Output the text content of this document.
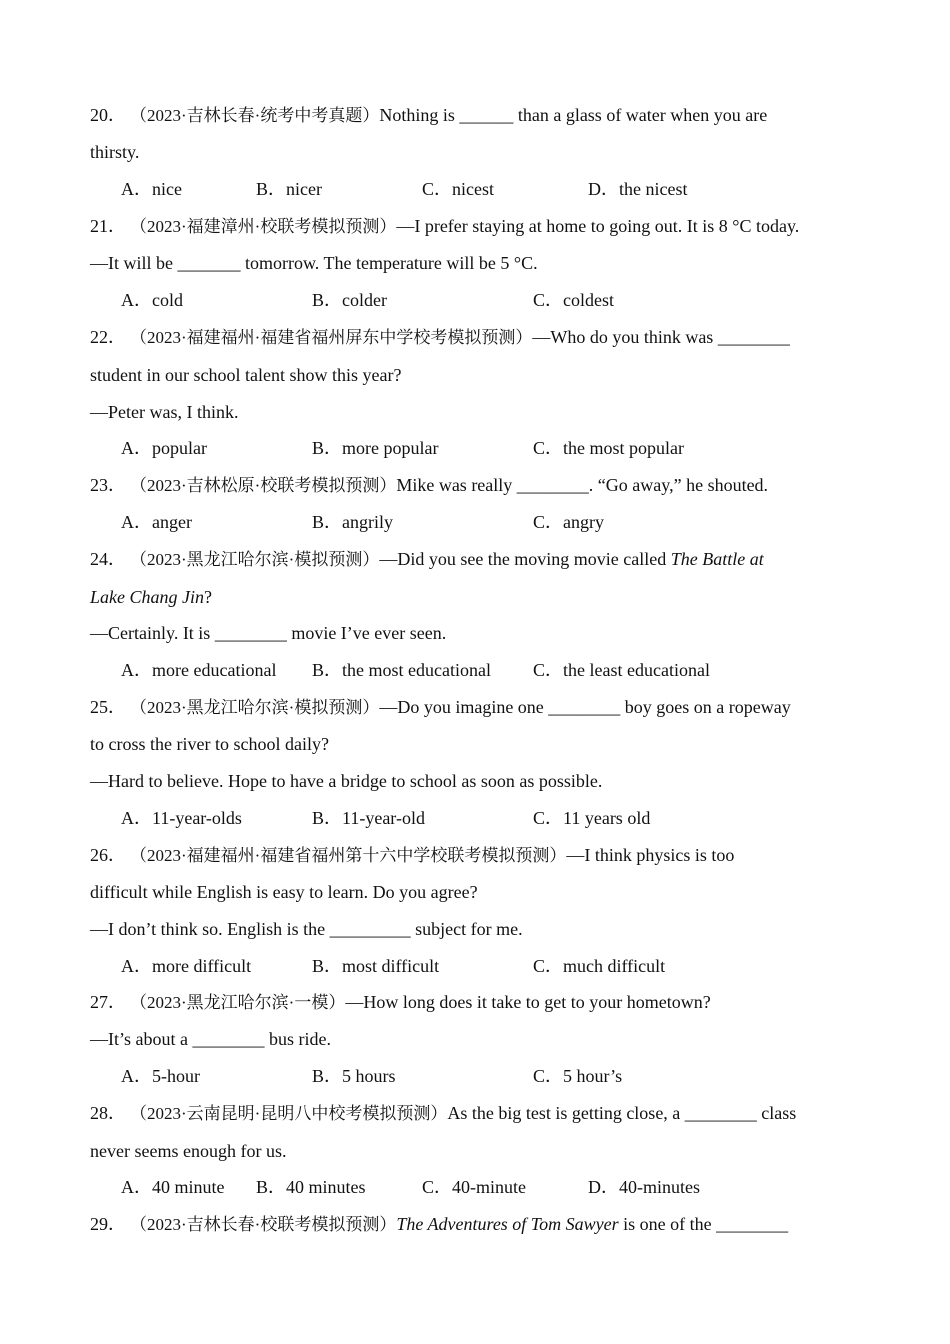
20． （2023·吉林长春·统考中考真题）Nothing is ______ than a glass of water when you are
thirsty.
A．nice	B．nicer	C．nicest	D．the nicest
21． （2023·福建漳州·校联考模拟预测）—I prefer staying at home to going out. It is 8 °C today.
—It will be _______ tomorrow. The temperature will be 5 °C.
A．cold	B．colder	C．coldest
22． （2023·福建福州·福建省福州屏东中学校考模拟预测）—Who do you think was ________
student in our school talent show this year?
—Peter was, I think.
A．popular	B．more popular	C．the most popular
23． （2023·吉林松原·校联考模拟预测）Mike was really ________. “Go away,” he shouted.
A．anger	B．angrily	C．angry
24． （2023·黑龙江哈尔滨·模拟预测）—Did you see the moving movie called The Battle at
Lake Chang Jin?
—Certainly. It is ________ movie I’ve ever seen.
A．more educational B．the most educational C．the least educational
25． （2023·黑龙江哈尔滨·模拟预测）—Do you imagine one ________ boy goes on a ropeway
to cross the river to school daily?
—Hard to believe. Hope to have a bridge to school as soon as possible.
A．11-year-olds	B．11-year-old	C．11 years old
26． （2023·福建福州·福建省福州第十六中学校联考模拟预测）—I think physics is too
difficult while English is easy to learn. Do you agree?
—I don’t think so. English is the _________ subject for me.
A．more difficult	B．most difficult	C．much difficult
27． （2023·黑龙江哈尔滨·一模）—How long does it take to get to your hometown?
—It’s about a ________ bus ride.
A．5-hour	B．5 hours	C．5 hour’s
28． （2023·云南昆明·昆明八中校考模拟预测）As the big test is getting close, a ________ class
never seems enough for us.
A．40 minute B．40 minutes	C．40-minute	D．40-minutes
29． （2023·吉林长春·校联考模拟预测）The Adventures of Tom Sawyer is one of the ________
